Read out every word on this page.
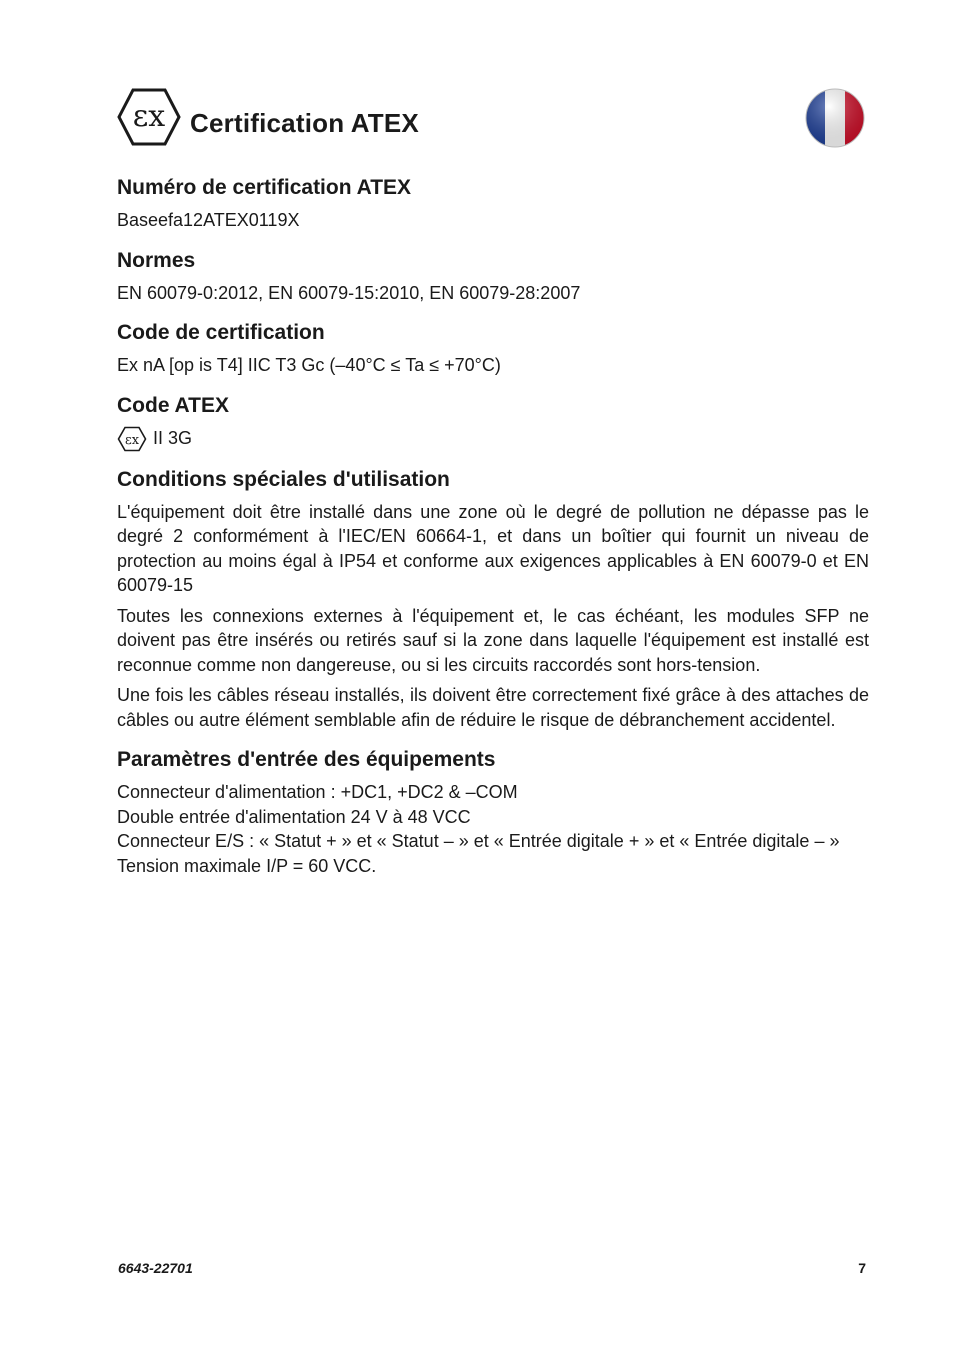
εx Certification ATEX
Numéro de certification ATEX

Baseefa12ATEX0119X

Normes

EN 60079-0:2012, EN 60079-15:2010, EN 60079-28:2007

Code de certification

Ex nA [op is T4] IIC T3 Gc (–40°C ≤ Ta ≤ +70°C)

Code ATEX
εx II 3G
Conditions spéciales d'utilisation

L'équipement doit être installé dans une zone où le degré de pollution ne dépasse pas le degré 2 conformément à l'IEC/EN 60664-1, et dans un boîtier qui fournit un niveau de protection au moins égal à IP54 et conforme aux exigences applicables à EN 60079-0 et EN 60079-15

Toutes les connexions externes à l'équipement et, le cas échéant, les modules SFP ne doivent pas être insérés ou retirés sauf si la zone dans laquelle l'équipement est installé est reconnue comme non dangereuse, ou si les circuits raccordés sont hors-tension.

Une fois les câbles réseau installés, ils doivent être correctement fixé grâce à des attaches de câbles ou autre élément semblable afin de réduire le risque de débranchement accidentel.

Paramètres d'entrée des équipements

Connecteur d'alimentation : +DC1, +DC2 & –COM

Double entrée d'alimentation 24 V à 48 VCC

Connecteur E/S : « Statut + » et « Statut – » et « Entrée digitale + » et « Entrée digitale – »

Tension maximale I/P = 60 VCC.

6643-22701	7
